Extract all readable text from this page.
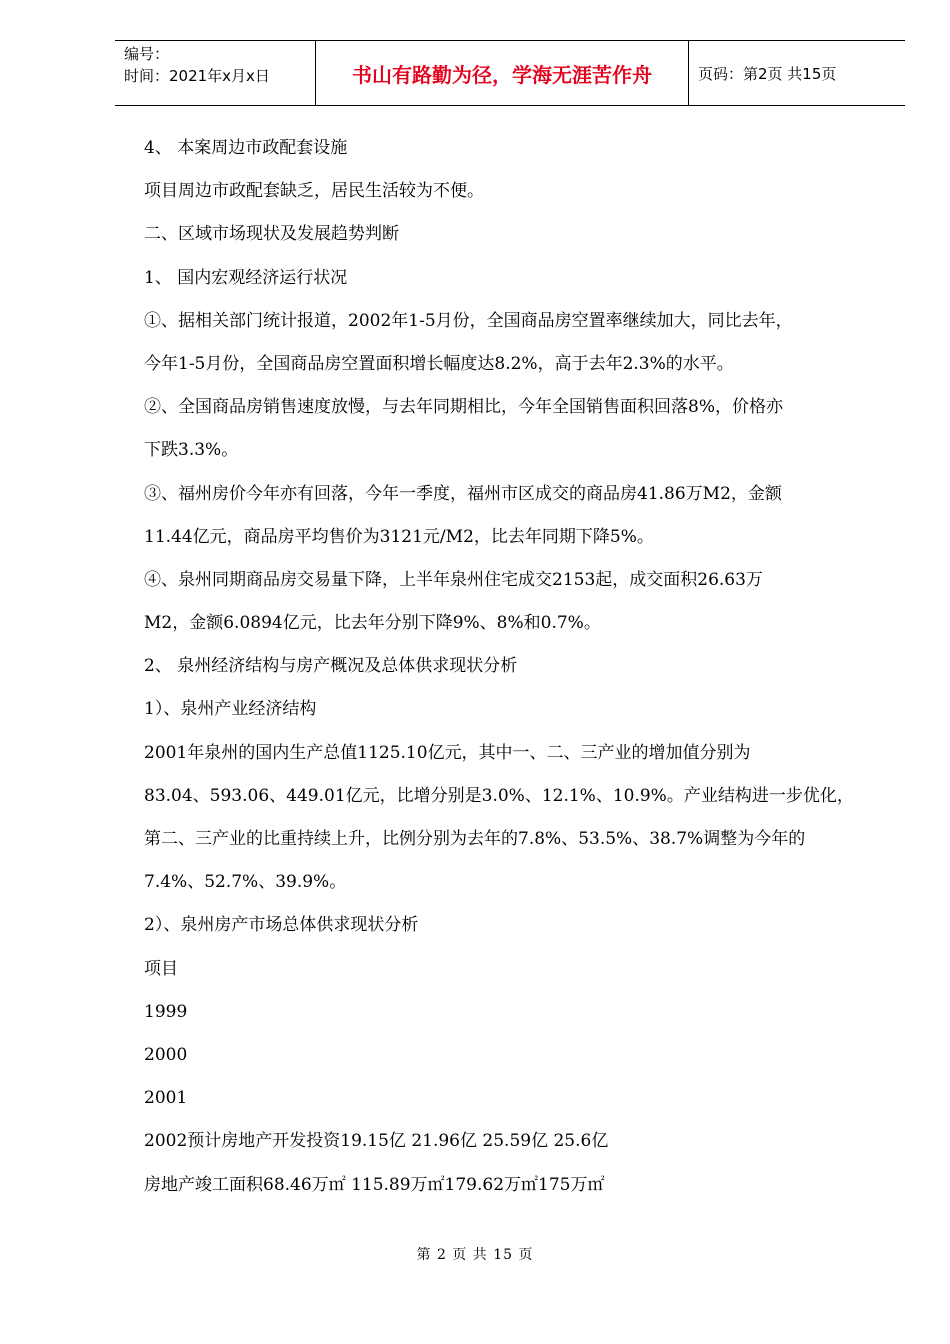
编号：
时间：2021年x月x日	书山有路勤为径，学海无涯苦作舟	页码：第2页 共15页
4、 本案周边市政配套设施
项目周边市政配套缺乏，居民生活较为不便。
二、区域市场现状及发展趋势判断
1、 国内宏观经济运行状况
①、据相关部门统计报道，2002年1-5月份，全国商品房空置率继续加大，同比去年，
今年1-5月份，全国商品房空置面积增长幅度达8.2%，高于去年2.3%的水平。
②、全国商品房销售速度放慢，与去年同期相比，今年全国销售面积回落8%，价格亦
下跌3.3%。
③、福州房价今年亦有回落，今年一季度，福州市区成交的商品房41.86万M2，金额
11.44亿元，商品房平均售价为3121元/M2，比去年同期下降5%。
④、泉州同期商品房交易量下降，上半年泉州住宅成交2153起，成交面积26.63万
M2，金额6.0894亿元，比去年分别下降9%、8%和0.7%。
2、 泉州经济结构与房产概况及总体供求现状分析
1）、泉州产业经济结构
2001年泉州的国内生产总值1125.10亿元，其中一、二、三产业的增加值分别为
83.04、593.06、449.01亿元，比增分别是3.0%、12.1%、10.9%。产业结构进一步优化，
第二、三产业的比重持续上升，比例分别为去年的7.8%、53.5%、38.7%调整为今年的
7.4%、52.7%、39.9%。
2）、泉州房产市场总体供求现状分析
项目
1999
2000
2001
2002预计房地产开发投资19.15亿 21.96亿 25.59亿 25.6亿
房地产竣工面积68.46万㎡ 115.89万㎡179.62万㎡175万㎡
第 2 页 共 15 页
